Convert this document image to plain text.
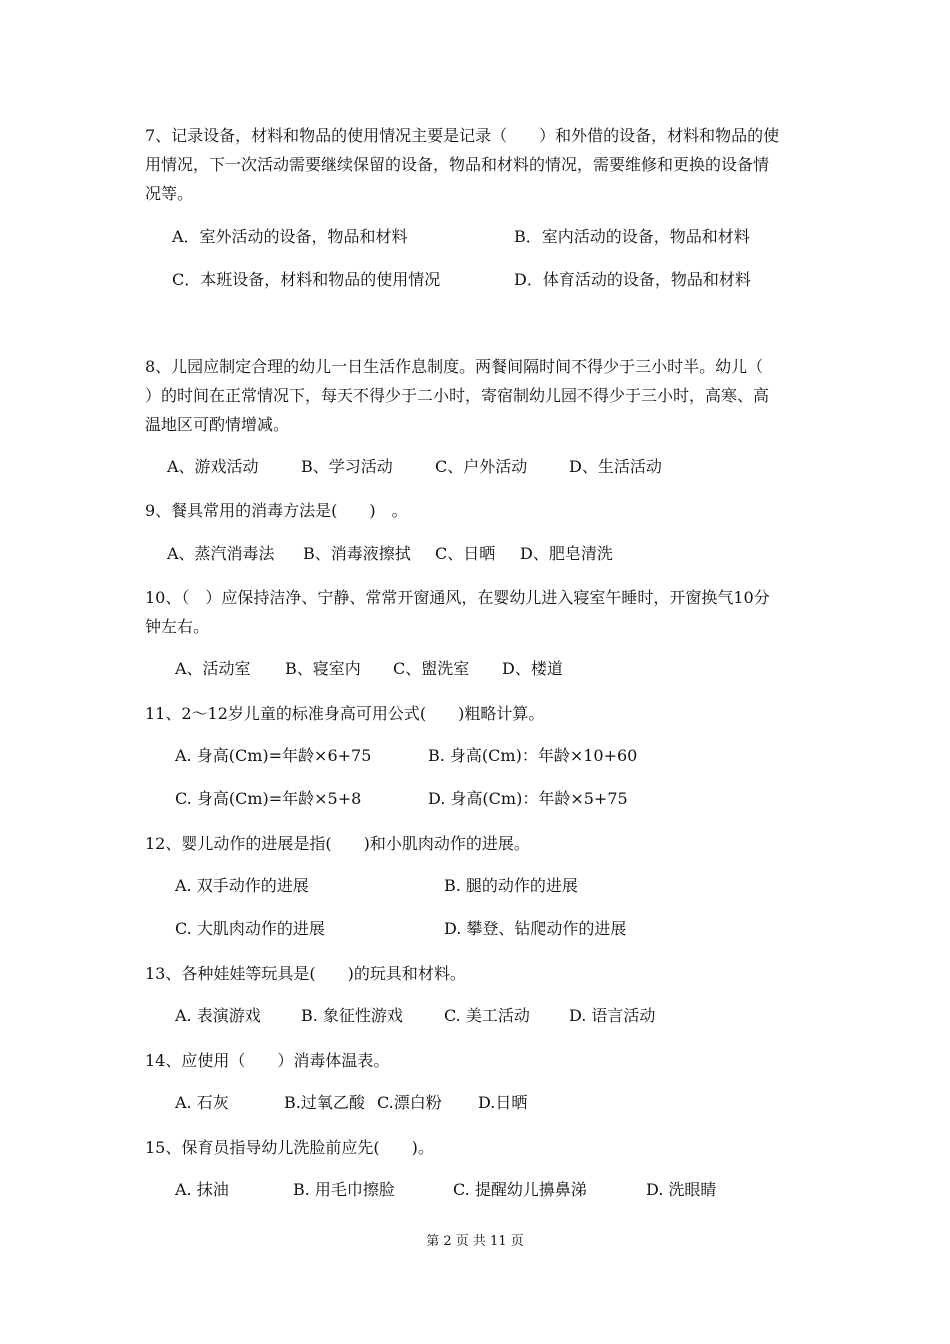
7、记录设备，材料和物品的使用情况主要是记录（　　）和外借的设备，材料和物品的使
用情况，下一次活动需要继续保留的设备，物品和材料的情况，需要维修和更换的设备情
况等。
A．室外活动的设备，物品和材料	B．室内活动的设备，物品和材料
C．本班设备，材料和物品的使用情况	D．体育活动的设备，物品和材料
8、儿园应制定合理的幼儿一日生活作息制度。两餐间隔时间不得少于三小时半。幼儿（
）的时间在正常情况下，每天不得少于二小时，寄宿制幼儿园不得少于三小时，高寒、高
温地区可酌情增减。
A、游戏活动	B、学习活动	C、户外活动	D、生活活动
9、餐具常用的消毒方法是(　　)　。
A、蒸汽消毒法 B、消毒液擦拭 C、日晒 D、肥皂清洗
10、（　）应保持洁净、宁静、常常开窗通风，在婴幼儿进入寝室午睡时，开窗换气10分
钟左右。
A、活动室 B、寝室内 C、盥洗室 D、楼道
11、2～12岁儿童的标准身高可用公式(　　)粗略计算。
A. 身高(Cm)=年龄×6+75	B. 身高(Cm)：年龄×10+60
C. 身高(Cm)=年龄×5+8	D. 身高(Cm)：年龄×5+75
12、婴儿动作的进展是指(　　)和小肌肉动作的进展。
A. 双手动作的进展	B. 腿的动作的进展
C. 大肌肉动作的进展	D. 攀登、钻爬动作的进展
13、各种娃娃等玩具是(　　)的玩具和材料。
A. 表演游戏	B. 象征性游戏	C. 美工活动 D. 语言活动
14、应使用（　　）消毒体温表。
A. 石灰	B.过氧乙酸 C.漂白粉 D.日晒
15、保育员指导幼儿洗脸前应先(　　)。
A. 抹油	B. 用毛巾擦脸	C. 提醒幼儿擤鼻涕	D. 洗眼睛
第 2 页 共 11 页
